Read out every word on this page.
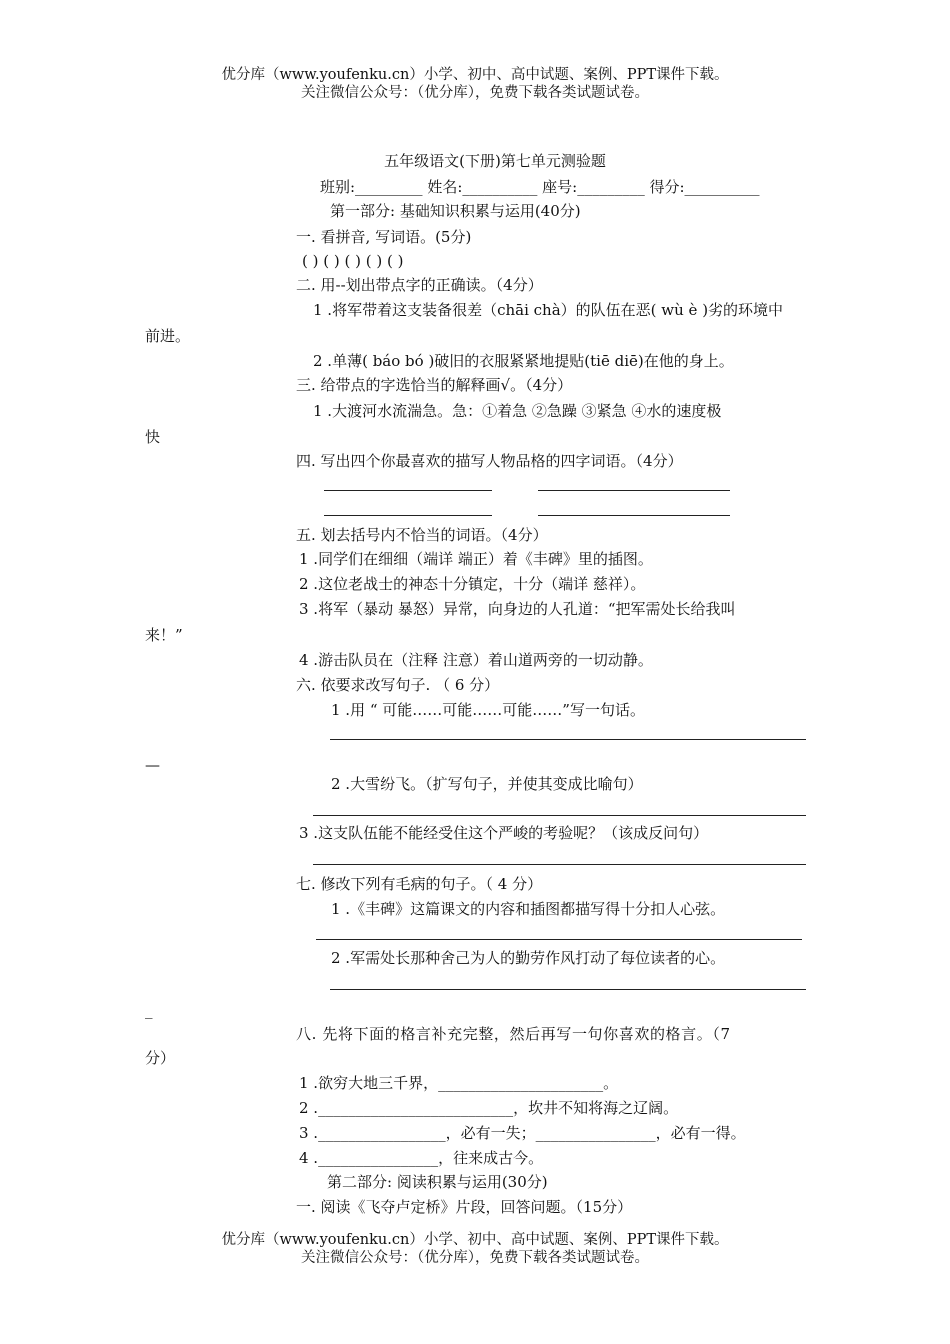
优分库（www.youfenku.cn）小学、初中、高中试题、案例、PPT课件下载。
关注微信公众号：（优分库），免费下载各类试题试卷。
五年级语文(下册)第七单元测验题
班别:_________ 姓名:__________ 座号:_________ 得分:__________
第一部分: 基础知识积累与运用(40分)
一. 看拼音, 写词语。(5分)
( ) ( ) ( ) ( ) ( )
二. 用--划出带点字的正确读。（4分）
1 .将军带着这支装备很差（chāi chà）的队伍在恶( wù è )劣的环境中
前进。
2 .单薄( báo bó )破旧的衣服紧紧地提贴(tiē diē)在他的身上。
三. 给带点的字选恰当的解释画√。（4分）
1 .大渡河水流湍急。急：①着急 ②急躁 ③紧急 ④水的速度极
快
四. 写出四个你最喜欢的描写人物品格的四字词语。（4分）
五. 划去括号内不恰当的词语。（4分）
1 .同学们在细细（端详 端正）着《丰碑》里的插图。
2 .这位老战士的神态十分镇定，十分（端详 慈祥）。
3 .将军（暴动 暴怒）异常，向身边的人孔道：“把军需处长给我叫
来！”
4 .游击队员在（注释 注意）着山道两旁的一切动静。
六. 依要求改写句子. （ 6 分）
1 .用 “ 可能……可能……可能……”写一句话。
—
2 .大雪纷飞。（扩写句子，并使其变成比喻句）
3 .这支队伍能不能经受住这个严峻的考验呢？（该成反问句）
七. 修改下列有毛病的句子。（ 4 分）
1 .《丰碑》这篇课文的内容和插图都描写得十分扣人心弦。
2 .军需处长那种舍己为人的勤劳作风打动了每位读者的心。
_
八. 先将下面的格言补充完整，然后再写一句你喜欢的格言。（7
分）
1 .欲穷大地三千界，______________________。
2 .__________________________，坎井不知将海之辽阔。
3 ._________________，必有一失；________________，必有一得。
4 .________________，往来成古今。
第二部分: 阅读积累与运用(30分)
一. 阅读《飞夺卢定桥》片段，回答问题。（15分）
优分库（www.youfenku.cn）小学、初中、高中试题、案例、PPT课件下载。
关注微信公众号：（优分库），免费下载各类试题试卷。
